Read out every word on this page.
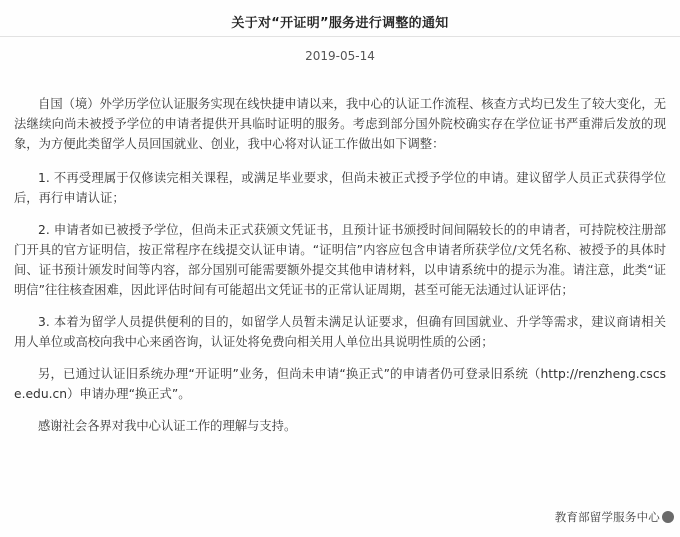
关于对“开证明”服务进行调整的通知
2019-05-14

自国（境）外学历学位认证服务实现在线快捷申请以来，我中心的认证工作流程、核查方式均已发生了较大变化，无法继续向尚未被授予学位的申请者提供开具临时证明的服务。考虑到部分国外院校确实存在学位证书严重滞后发放的现象，为方便此类留学人员回国就业、创业，我中心将对认证工作做出如下调整：

1. 不再受理属于仅修读完相关课程，或满足毕业要求，但尚未被正式授予学位的申请。建议留学人员正式获得学位后，再行申请认证；

2. 申请者如已被授予学位，但尚未正式获颁文凭证书，且预计证书颁授时间间隔较长的的申请者，可持院校注册部门开具的官方证明信，按正常程序在线提交认证申请。“证明信”内容应包含申请者所获学位/文凭名称、被授予的具体时间、证书预计颁发时间等内容，部分国别可能需要额外提交其他申请材料，以申请系统中的提示为准。请注意，此类“证明信”往往核查困难，因此评估时间有可能超出文凭证书的正常认证周期，甚至可能无法通过认证评估；

3. 本着为留学人员提供便利的目的，如留学人员暂未满足认证要求，但确有回国就业、升学等需求，建议商请相关用人单位或高校向我中心来函咨询，认证处将免费向相关用人单位出具说明性质的公函；

另，已通过认证旧系统办理“开证明”业务，但尚未申请“换正式”的申请者仍可登录旧系统（http://renzheng.cscse.edu.cn）申请办理“换正式”。

感谢社会各界对我中心认证工作的理解与支持。

教育部留学服务中心
